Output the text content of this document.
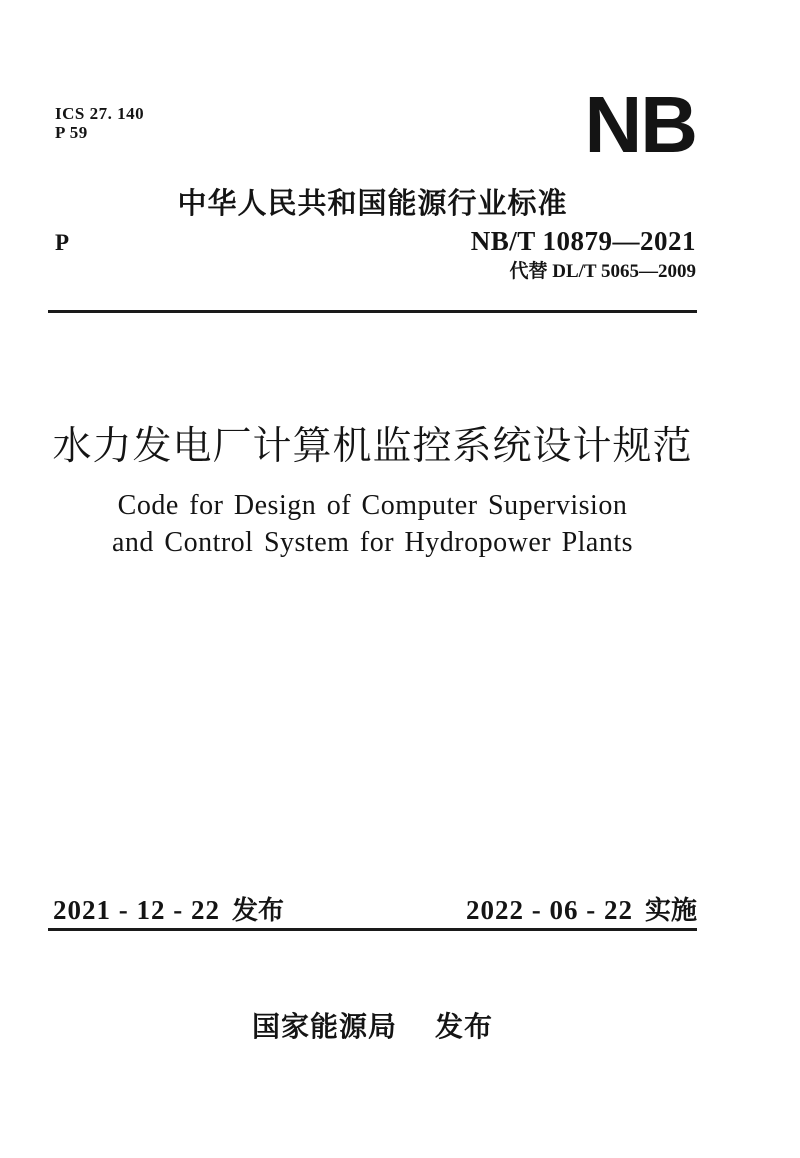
ICS 27. 140
P 59	NB
中华人民共和国能源行业标准
P	NB/T 10879—2021
代替 DL/T 5065—2009
水力发电厂计算机监控系统设计规范
Code for Design of Computer Supervision
and Control System for Hydropower Plants
2021 - 12 - 22 发布	2022 - 06 - 22 实施
国家能源局 发布
